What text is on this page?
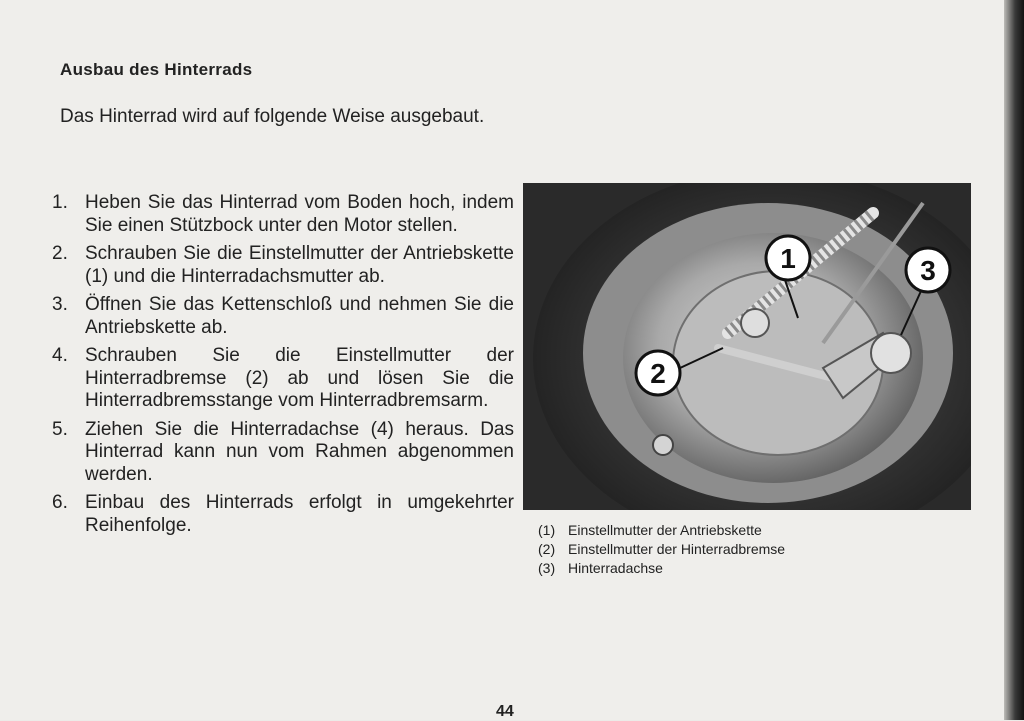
Ausbau des Hinterrads
Das Hinterrad wird auf folgende Weise ausgebaut.
1. Heben Sie das Hinterrad vom Boden hoch, indem Sie einen Stützbock unter den Motor stellen.
2. Schrauben Sie die Einstellmutter der Antriebskette (1) und die Hinterradachsmutter ab.
3. Öffnen Sie das Kettenschloß und nehmen Sie die Antriebskette ab.
4. Schrauben Sie die Einstellmutter der Hinterradbremse (2) ab und lösen Sie die Hinterradbremsstange vom Hinterradbremsarm.
5. Ziehen Sie die Hinterradachse (4) heraus. Das Hinterrad kann nun vom Rahmen abgenommen werden.
6. Einbau des Hinterrads erfolgt in umgekehrter Reihenfolge.
1
2
3
(1) Einstellmutter der Antriebskette
(2) Einstellmutter der Hinterradbremse
(3) Hinterradachse
44
